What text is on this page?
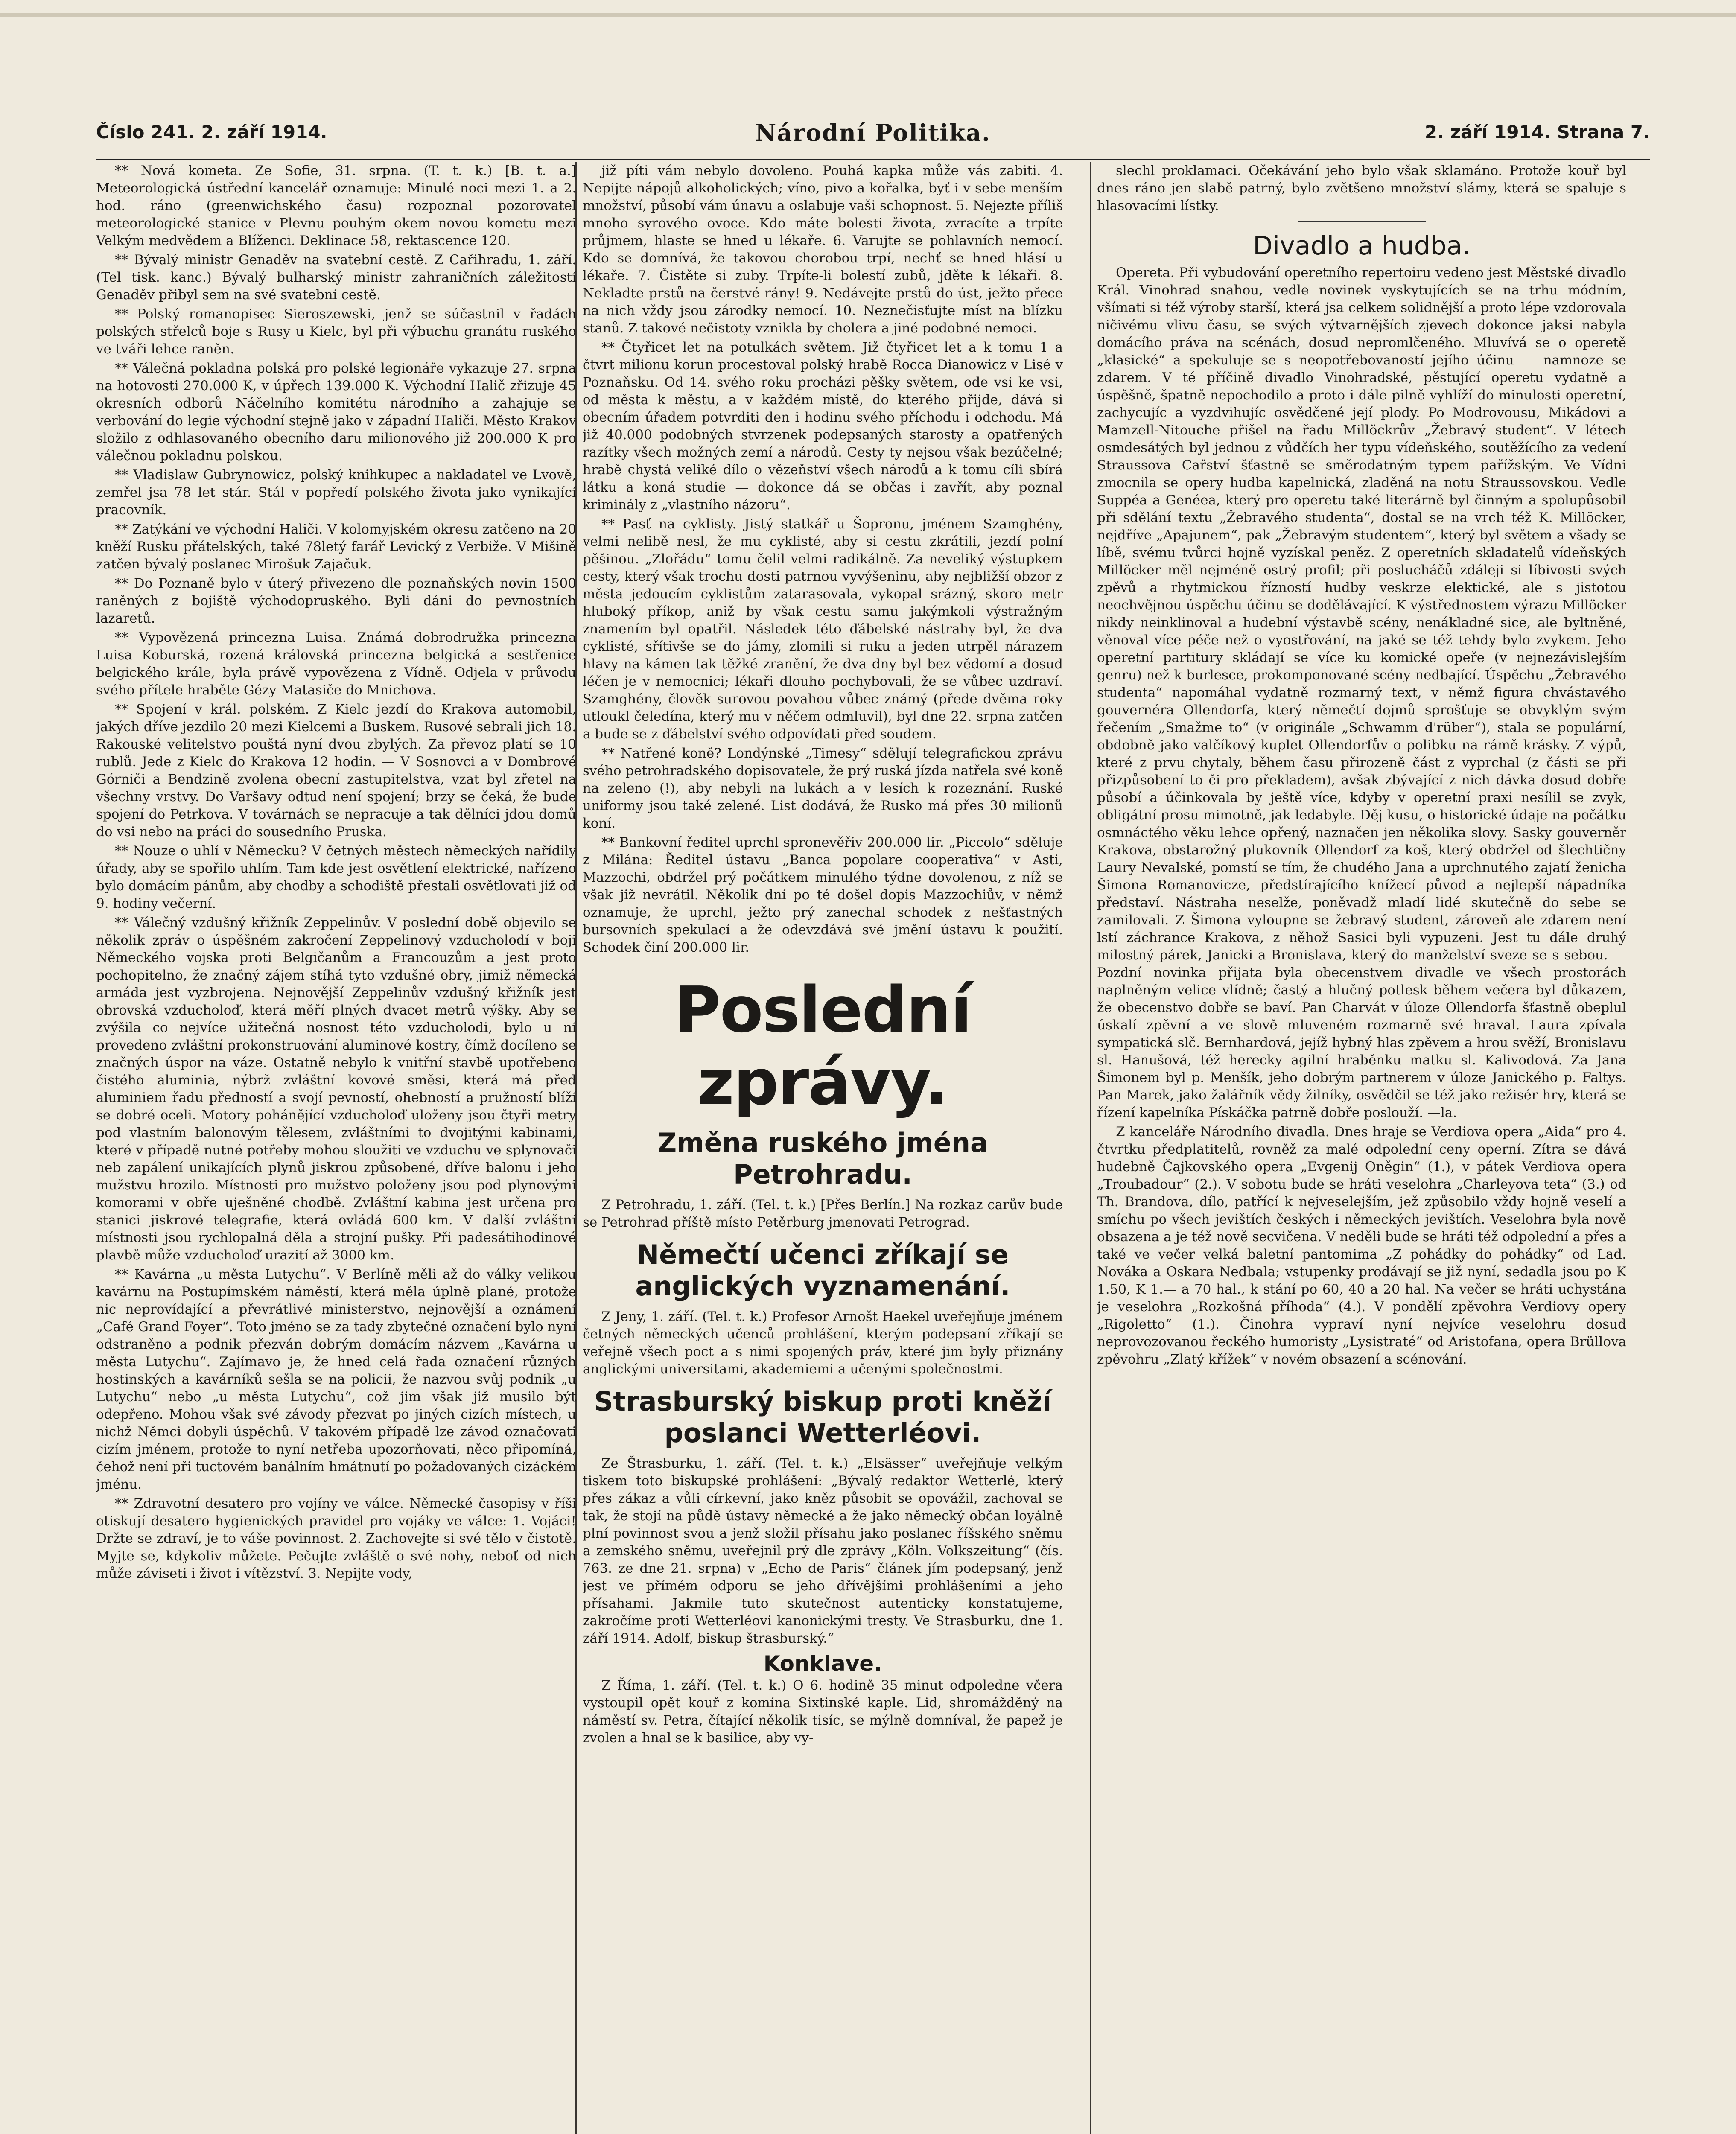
Číslo 241. 2. září 1914.	Národní Politika.	2. září 1914. Strana 7.

** Nová kometa. Ze Sofie, 31. srpna. (T. t. k.) [B. t. a.] Meteorologická ústřední kancelář oznamuje: Minulé noci mezi 1. a 2. hod. ráno (greenwichského času) rozpoznal pozorovatel meteorologické stanice v Plevnu pouhým okem novou kometu mezi Velkým medvědem a Blíženci. Deklinace 58, rektascence 120.

** Bývalý ministr Genaděv na svatební cestě. Z Cařihradu, 1. září. (Tel tisk. kanc.) Bývalý bulharský ministr zahraničních záležitostí Genaděv přibyl sem na své svatební cestě.

** Polský romanopisec Sieroszewski, jenž se súčastnil v řadách polských střelců boje s Rusy u Kielc, byl při výbuchu granátu ruského ve tváři lehce raněn.

** Válečná pokladna polská pro polské legionáře vykazuje 27. srpna na hotovosti 270.000 K, v úpřech 139.000 K. Východní Halič zřizuje 45 okresních odborů Náčelního komitétu národního a zahajuje se verbování do legie východní stejně jako v západní Haliči. Město Krakov složilo z odhlasovaného obecního daru milionového již 200.000 K pro válečnou pokladnu polskou.

** Vladislaw Gubrynowicz, polský knihkupec a nakladatel ve Lvově, zemřel jsa 78 let stár. Stál v popředí polského života jako vynikající pracovník.

** Zatýkání ve východní Haliči. V kolomyjském okresu zatčeno na 20 kněží Rusku přátelských, také 78letý farář Levický z Verbiže. V Mišině zatčen bývalý poslanec Mirošuk Zajačuk.

** Do Poznaně bylo v úterý přivezeno dle poznaňských novin 1500 raněných z bojiště východopruského. Byli dáni do pevnostních lazaretů.

** Vypovězená princezna Luisa. Známá dobrodružka princezna Luisa Koburská, rozená královská princezna belgická a sestřenice belgického krále, byla právě vypovězena z Vídně. Odjela v průvodu svého přítele hraběte Gézy Matasiče do Mnichova.

** Spojení v král. polském. Z Kielc jezdí do Krakova automobil, jakých dříve jezdilo 20 mezi Kielcemi a Buskem. Rusové sebrali jich 18. Rakouské velitelstvo pouštá nyní dvou zbylých. Za převoz platí se 10 rublů. Jede z Kielc do Krakova 12 hodin. — V Sosnovci a v Dombrové Górniči a Bendzině zvolena obecní zastupitelstva, vzat byl zřetel na všechny vrstvy. Do Varšavy odtud není spojení; brzy se čeká, že bude spojení do Petrkova. V továrnách se nepracuje a tak dělníci jdou domů do vsi nebo na práci do sousedního Pruska.

** Nouze o uhlí v Německu? V četných městech německých nařídily úřady, aby se spořilo uhlím. Tam kde jest osvětlení elektrické, nařízeno bylo domácím pánům, aby chodby a schodiště přestali osvětlovati již od 9. hodiny večerní.

** Válečný vzdušný křižník Zeppelinův. V poslední době objevilo se několik zpráv o úspěšném zakročení Zeppelinový vzducholodí v boji Německého vojska proti Belgičanům a Francouzům a jest proto pochopitelno, že značný zájem stíhá tyto vzdušné obry, jimiž německá armáda jest vyzbrojena. Nejnovější Zeppelinův vzdušný křižník jest obrovská vzducholoď, která měří plných dvacet metrů výšky. Aby se zvýšila co nejvíce užitečná nosnost této vzducholodi, bylo u ní provedeno zvláštní prokonstruování aluminové kostry, čímž docíleno se značných úspor na váze. Ostatně nebylo k vnitřní stavbě upotřebeno čistého aluminia, nýbrž zvláštní kovové směsi, která má před aluminiem řadu předností a svojí pevností, ohebností a pružností blíží se dobré oceli. Motory pohánějící vzducholoď uloženy jsou čtyři metry pod vlastním balonovým tělesem, zvláštními to dvojitými kabinami, které v případě nutné potřeby mohou sloužiti ve vzduchu ve splynovači neb zapálení unikajících plynů jiskrou způsobené, dříve balonu i jeho mužstvu hrozilo. Místnosti pro mužstvo položeny jsou pod plynovými komorami v obře uješněné chodbě. Zvláštní kabina jest určena pro stanici jiskrové telegrafie, která ovládá 600 km. V další zvláštní místnosti jsou rychlopalná děla a strojní pušky. Při padesátihodinové plavbě může vzducholoď urazití až 3000 km.

** Kavárna „u města Lutychu“. V Berlíně měli až do války velikou kavárnu na Postupímském náměstí, která měla úplně plané, protože nic neprovídající a převrátlivé ministerstvo, nejnovější a oznámení „Café Grand Foyer“. Toto jméno se za tady zbytečné označení bylo nyní odstraněno a podnik přezván dobrým domácím názvem „Kavárna u města Lutychu“. Zajímavo je, že hned celá řada označení různých hostinských a kavárníků sešla se na policii, že nazvou svůj podnik „u Lutychu“ nebo „u města Lutychu“, což jim však již musilo být odepřeno. Mohou však své závody přezvat po jiných cizích místech, u nichž Němci dobyli úspěchů. V takovém případě lze závod označovati cizím jménem, protože to nyní netřeba upozorňovati, něco připomíná, čehož není při tuctovém banálním hmátnutí po požadovaných cizáckém jménu.

** Zdravotní desatero pro vojíny ve válce. Německé časopisy v říši otiskují desatero hygienických pravidel pro vojáky ve válce: 1. Vojáci! Držte se zdraví, je to váše povinnost. 2. Zachovejte si své tělo v čistotě. Myjte se, kdykoliv můžete. Pečujte zvláště o své nohy, neboť od nich může záviseti i život i vítězství. 3. Nepijte vody,

již píti vám nebylo dovoleno. Pouhá kapka může vás zabiti. 4. Nepijte nápojů alkoholických; víno, pivo a kořalka, byť i v sebe menším množství, působí vám únavu a oslabuje vaši schopnost. 5. Nejezte příliš mnoho syrového ovoce. Kdo máte bolesti života, zvracíte a trpíte průjmem, hlaste se hned u lékaře. 6. Varujte se pohlavních nemocí. Kdo se domnívá, že takovou chorobou trpí, nechť se hned hlásí u lékaře. 7. Čistěte si zuby. Trpíte-li bolestí zubů, jděte k lékaři. 8. Nekladte prstů na čerstvé rány! 9. Nedávejte prstů do úst, ježto přece na nich vždy jsou zárodky nemocí. 10. Neznečisťujte míst na blízku stanů. Z takové nečistoty vznikla by cholera a jiné podobné nemoci.

** Čtyřicet let na potulkách světem. Již čtyřicet let a k tomu 1 a čtvrt milionu korun procestoval polský hrabě Rocca Dianowicz v Lisé v Poznaňsku. Od 14. svého roku procházi pěšky světem, ode vsi ke vsi, od města k městu, a v každém místě, do kterého přijde, dává si obecním úřadem potvrditi den i hodinu svého příchodu i odchodu. Má již 40.000 podobných stvrzenek podepsaných starosty a opatřených razítky všech možných zemí a národů. Cesty ty nejsou však bezúčelné; hrabě chystá veliké dílo o vězeňství všech národů a k tomu cíli sbírá látku a koná studie — dokonce dá se občas i zavřít, aby poznal kriminály z „vlastního názoru“.

** Pasť na cyklisty. Jistý statkář u Šopronu, jménem Szamghény, velmi nelibě nesl, že mu cyklisté, aby si cestu zkrátili, jezdí polní pěšinou. „Zlořádu“ tomu čelil velmi radikálně. Za neveliký výstupkem cesty, který však trochu dosti patrnou vyvýšeninu, aby nejbližší obzor z města jedoucím cyklistům zatarasovala, vykopal srázný, skoro metr hluboký příkop, aniž by však cestu samu jakýmkoli výstražným znamením byl opatřil. Následek této ďábelské nástrahy byl, že dva cyklisté, sřítivše se do jámy, zlomili si ruku a jeden utrpěl nárazem hlavy na kámen tak těžké zranění, že dva dny byl bez vědomí a dosud léčen je v nemocnici; lékaři dlouho pochybovali, že se vůbec uzdraví. Szamghény, člověk surovou povahou vůbec známý (přede dvěma roky utloukl čeledína, který mu v něčem odmluvil), byl dne 22. srpna zatčen a bude se z ďábelství svého odpovídati před soudem.

** Natřené koně? Londýnské „Timesy“ sdělují telegrafickou zprávu svého petrohradského dopisovatele, že prý ruská jízda natřela své koně na zeleno (!), aby nebyli na lukách a v lesích k rozeznání. Ruské uniformy jsou také zelené. List dodává, že Rusko má přes 30 milionů koní.

** Bankovní ředitel uprchl spronevěřiv 200.000 lir. „Piccolo“ sděluje z Milána: Ředitel ústavu „Banca popolare cooperativa“ v Asti, Mazzochi, obdržel prý počátkem minulého týdne dovolenou, z níž se však již nevrátil. Několik dní po té došel dopis Mazzochiův, v němž oznamuje, že uprchl, ježto prý zanechal schodek z nešťastných bursovních spekulací a že odevzdává své jmění ústavu k použití. Schodek činí 200.000 lir.

Poslední zprávy.
Změna ruského jména Petrohradu.

Z Petrohradu, 1. září. (Tel. t. k.) [Přes Berlín.] Na rozkaz carův bude se Petrohrad příště místo Petěrburg jmenovati Petrograd.

Němečtí učenci zříkají se anglických vyznamenání.

Z Jeny, 1. září. (Tel. t. k.) Profesor Arnošt Haekel uveřejňuje jménem četných německých učenců prohlášení, kterým podepsaní zříkají se veřejně všech poct a s nimi spojených práv, které jim byly přiznány anglickými universitami, akademiemi a učenými společnostmi.

Strasburský biskup proti kněží poslanci Wetterléovi.

Ze Štrasburku, 1. září. (Tel. t. k.) „Elsässer“ uveřejňuje velkým tiskem toto biskupské prohlášení: „Bývalý redaktor Wetterlé, který přes zákaz a vůli církevní, jako kněz působit se opovážil, zachoval se tak, že stojí na půdě ústavy německé a že jako německý občan loyálně plní povinnost svou a jenž složil přísahu jako poslanec říšského sněmu a zemského sněmu, uveřejnil prý dle zprávy „Köln. Volkszeitung“ (čís. 763. ze dne 21. srpna) v „Echo de Paris“ článek jím podepsaný, jenž jest ve přímém odporu se jeho dřívějšími prohlášeními a jeho přísahami. Jakmile tuto skutečnost autenticky konstatujeme, zakročíme proti Wetterléovi kanonickými tresty. Ve Strasburku, dne 1. září 1914. Adolf, biskup štrasburský.“

Konklave.

Z Říma, 1. září. (Tel. t. k.) O 6. hodině 35 minut odpoledne včera vystoupil opět kouř z komína Sixtinské kaple. Lid, shromážděný na náměstí sv. Petra, čítající několik tisíc, se mýlně domníval, že papež je zvolen a hnal se k basilice, aby vy-

slechl proklamaci. Očekávání jeho bylo však sklamáno. Protože kouř byl dnes ráno jen slabě patrný, bylo zvětšeno množství slámy, která se spaluje s hlasovacími lístky.

Divadlo a hudba.

Opereta. Při vybudování operetního repertoiru vedeno jest Městské divadlo Král. Vinohrad snahou, vedle novinek vyskytujících se na trhu módním, všímati si též výroby starší, která jsa celkem solidnější a proto lépe vzdorovala ničivému vlivu času, se svých výtvarnějších zjevech dokonce jaksi nabyla domácího práva na scénách, dosud nepromlčeného. Mluvívá se o operetě „klasické“ a spekuluje se s neopotřebovaností jejího účinu — namnoze se zdarem. V té příčině divadlo Vinohradské, pěstující operetu vydatně a úspěšně, špatně nepochodilo a proto i dále pilně vyhlíží do minulosti operetní, zachycujíc a vyzdvihujíc osvědčené její plody. Po Modrovousu, Mikádovi a Mamzell-Nitouche přišel na řadu Millöckrův „Žebravý student“. V létech osmdesátých byl jednou z vůdčích her typu vídeňského, soutěžícího za vedení Straussova Cařství šťastně se směrodatným typem pařížským. Ve Vídni zmocnila se opery hudba kapelnická, zladěná na notu Straussovskou. Vedle Suppéa a Genéea, který pro operetu také literárně byl činným a spolupůsobil při sdělání textu „Žebravého studenta“, dostal se na vrch též K. Millöcker, nejdříve „Apajunem“, pak „Žebravým studentem“, který byl světem a všady se líbě, svému tvůrci hojně vyzískal peněz. Z operetních skladatelů vídeňských Millöcker měl nejméně ostrý profil; při poslucháčů zdáleji si líbivosti svých zpěvů a rhytmickou řízností hudby veskrze elektické, ale s jistotou neochvějnou úspěchu účinu se dodělávající. K výstřednostem výrazu Millöcker nikdy neinklinoval a hudební výstavbě scény, nenákladné sice, ale byltněné, věnoval více péče než o vyostřování, na jaké se též tehdy bylo zvykem. Jeho operetní partitury skládají se více ku komické opeře (v nejnezávislejším genru) než k burlesce, prokomponované scény nedbající. Úspěchu „Žebravého studenta“ napomáhal vydatně rozmarný text, v němž figura chvástavého gouvernéra Ollendorfa, který němečtí dojmů sprošťuje se obvyklým svým řečením „Smažme to“ (v originále „Schwamm d'rüber“), stala se populární, obdobně jako valčíkový kuplet Ollendorfův o polibku na rámě krásky. Z výpů, které z prvu chytaly, během času přirozeně část z vyprchal (z části se při přizpůsobení to či pro překladem), avšak zbývající z nich dávka dosud dobře působí a účinkovala by ještě více, kdyby v operetní praxi nesílil se zvyk, obligátní prosu mimotně, jak ledabyle. Děj kusu, o historické údaje na počátku osmnáctého věku lehce opřený, naznačen jen několika slovy. Sasky gouverněr Krakova, obstarožný plukovník Ollendorf za koš, který obdržel od šlechtičny Laury Nevalské, pomstí se tím, že chudého Jana a uprchnutého zajatí ženicha Šimona Romanovicze, předstírajícího knížecí původ a nejlepší nápadníka představí. Nástraha neselže, poněvadž mladí lidé skutečně do sebe se zamilovali. Z Šimona vyloupne se žebravý student, zároveň ale zdarem není lstí záchrance Krakova, z něhož Sasici byli vypuzeni. Jest tu dále druhý milostný párek, Janicki a Bronislava, který do manželství sveze se s sebou. — Pozdní novinka přijata byla obecenstvem divadle ve všech prostorách naplněným velice vlídně; častý a hlučný potlesk během večera byl důkazem, že obecenstvo dobře se baví. Pan Charvát v úloze Ollendorfa šťastně obeplul úskalí zpěvní a ve slově mluveném rozmarně své hraval. Laura zpívala sympatická slč. Bernhardová, jejíž hybný hlas zpěvem a hrou svěží, Bronislavu sl. Hanušová, též herecky agilní hraběnku matku sl. Kalivodová. Za Jana Šimonem byl p. Menšík, jeho dobrým partnerem v úloze Janického p. Faltys. Pan Marek, jako žalářník vědy žilníky, osvědčil se též jako režisér hry, která se řízení kapelníka Pískáčka patrně dobře poslouží. —la.

Z kanceláře Národního divadla. Dnes hraje se Verdiova opera „Aida“ pro 4. čtvrtku předplatitelů, rovněž za malé odpolední ceny operní. Zítra se dává hudebně Čajkovského opera „Evgenij Oněgin“ (1.), v pátek Verdiova opera „Troubadour“ (2.). V sobotu bude se hráti veselohra „Charleyova teta“ (3.) od Th. Brandova, dílo, patřící k nejveselejším, jež způsobilo vždy hojně veselí a smíchu po všech jevištích českých i německých jevištích. Veselohra byla nově obsazena a je též nově secvičena. V neděli bude se hráti též odpolední a přes a také ve večer velká baletní pantomima „Z pohádky do pohádky“ od Lad. Nováka a Oskara Nedbala; vstupenky prodávají se již nyní, sedadla jsou po K 1.50, K 1.— a 70 hal., k stání po 60, 40 a 20 hal. Na večer se hráti uchystána je veselohra „Rozkošná příhoda“ (4.). V pondělí zpěvohra Verdiovy opery „Rigoletto“ (1.). Činohra vypraví nyní nejvíce veselohru dosud neprovozovanou řeckého humoristy „Lysistraté“ od Aristofana, opera Brüllova zpěvohru „Zlatý křížek“ v novém obsazení a scénování.
